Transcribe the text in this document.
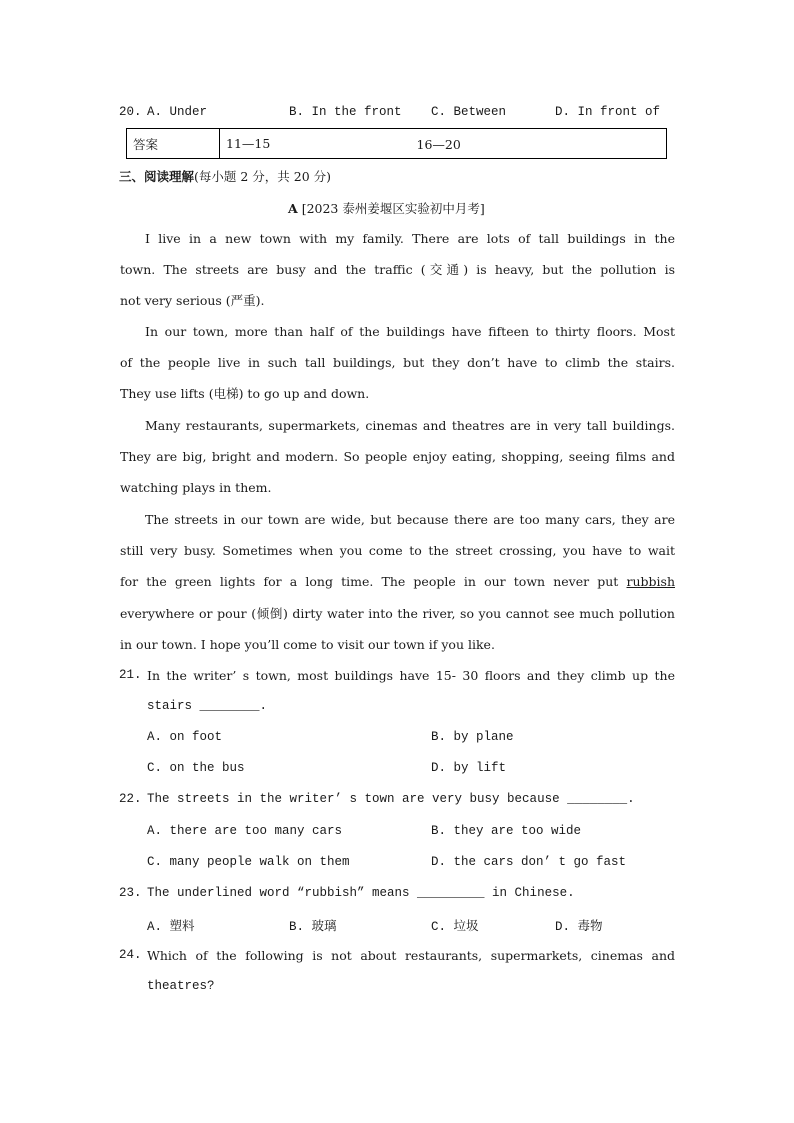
20. A. Under	B. In the front C. Between	D. In front of
答案	11—15	16—20
三、阅读理解(每小题 2 分，共 20 分)
A [2023 泰州姜堰区实验初中月考]
I live in a new town with my family. There are lots of tall buildings in the
town. The streets are busy and the traffic (交通) is heavy, but the pollution is
not very serious (严重).
In our town, more than half of the buildings have fifteen to thirty floors. Most
of the people live in such tall buildings, but they don’t have to climb the stairs.
They use lifts (电梯) to go up and down.
Many restaurants, supermarkets, cinemas and theatres are in very tall buildings.
They are big, bright and modern. So people enjoy eating, shopping, seeing films and
watching plays in them.
The streets in our town are wide, but because there are too many cars, they are
still very busy. Sometimes when you come to the street crossing, you have to wait
for the green lights for a long time. The people in our town never put rubbish
everywhere or pour (倾倒) dirty water into the river, so you cannot see much pollution
in our town. I hope you’ll come to visit our town if you like.
21. In the writer’ s town, most buildings have 15- 30 floors and they climb up the
stairs ________.
A. on foot	B. by plane
C. on the bus	D. by lift
22. The streets in the writer’ s town are very busy because ________.
A. there are too many cars	B. they are too wide
C. many people walk on them	D. the cars don’ t go fast
23. The underlined word “rubbish” means _________ in Chinese.
A. 塑料	B. 玻璃	C. 垃圾	D. 毒物
24. Which of the following is not about restaurants, supermarkets, cinemas and
theatres?
